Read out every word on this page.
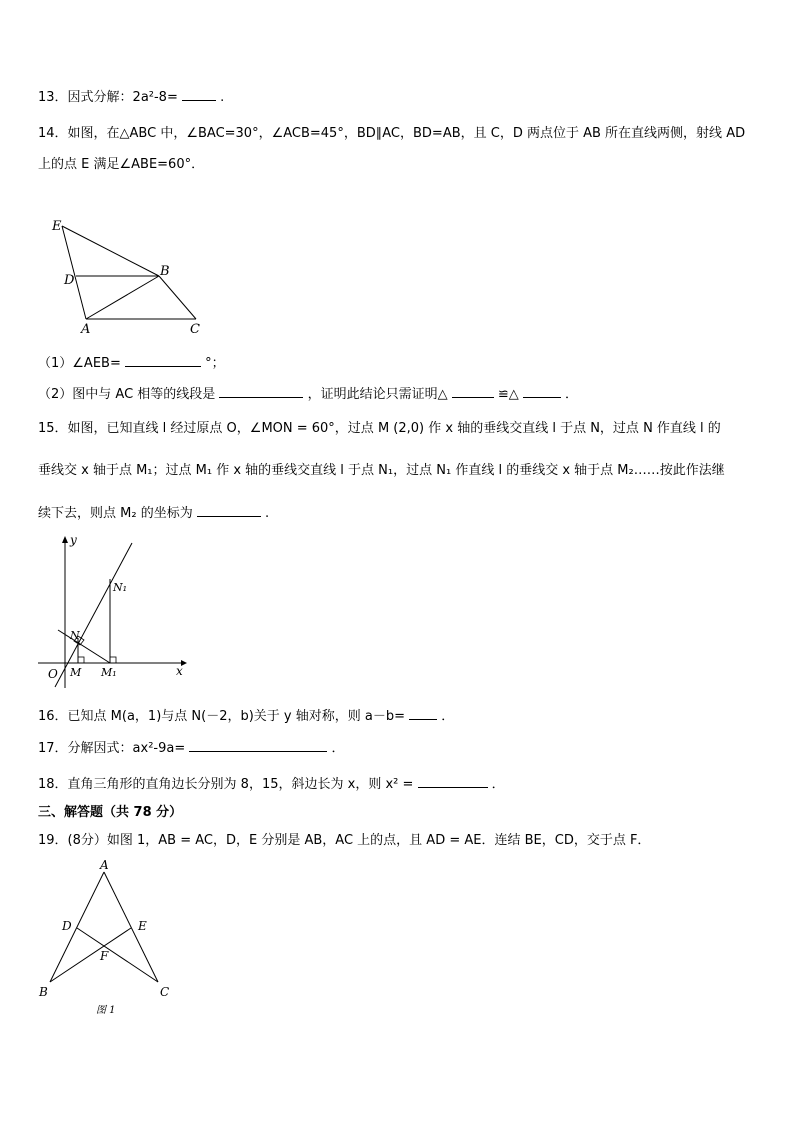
13．因式分解：2a²-8=	.
14．如图，在△ABC 中，∠BAC=30°，∠ACB=45°，BD∥AC，BD=AB，且 C，D 两点位于 AB 所在直线两侧，射线 AD
上的点 E 满足∠ABE=60°．
E
D
B
A	C
（1）∠AEB=	°；
（2）图中与 AC 相等的线段是	，证明此结论只需证明△	≌△	．
15．如图，已知直线 l 经过原点 O，∠MON = 60°，过点 M (2,0) 作 x 轴的垂线交直线 l 于点 N，过点 N 作直线 l 的
垂线交 x 轴于点 M₁；过点 M₁ 作 x 轴的垂线交直线 l 于点 N₁，过点 N₁ 作直线 l 的垂线交 x 轴于点 M₂……按此作法继
续下去，则点 M₂ 的坐标为	.
y
x
O M M₁
N
N₁
16．已知点 M(a，1)与点 N(－2，b)关于 y 轴对称，则 a－b=	．
17．分解因式：ax²-9a=	．
18．直角三角形的直角边长分别为 8，15，斜边长为 x，则 x² =	．
三、解答题（共 78 分）
19．(8分）如图 1，AB = AC，D，E 分别是 AB，AC 上的点，且 AD = AE．连结 BE，CD，交于点 F．
A
D	E
F
B	C
图 1
